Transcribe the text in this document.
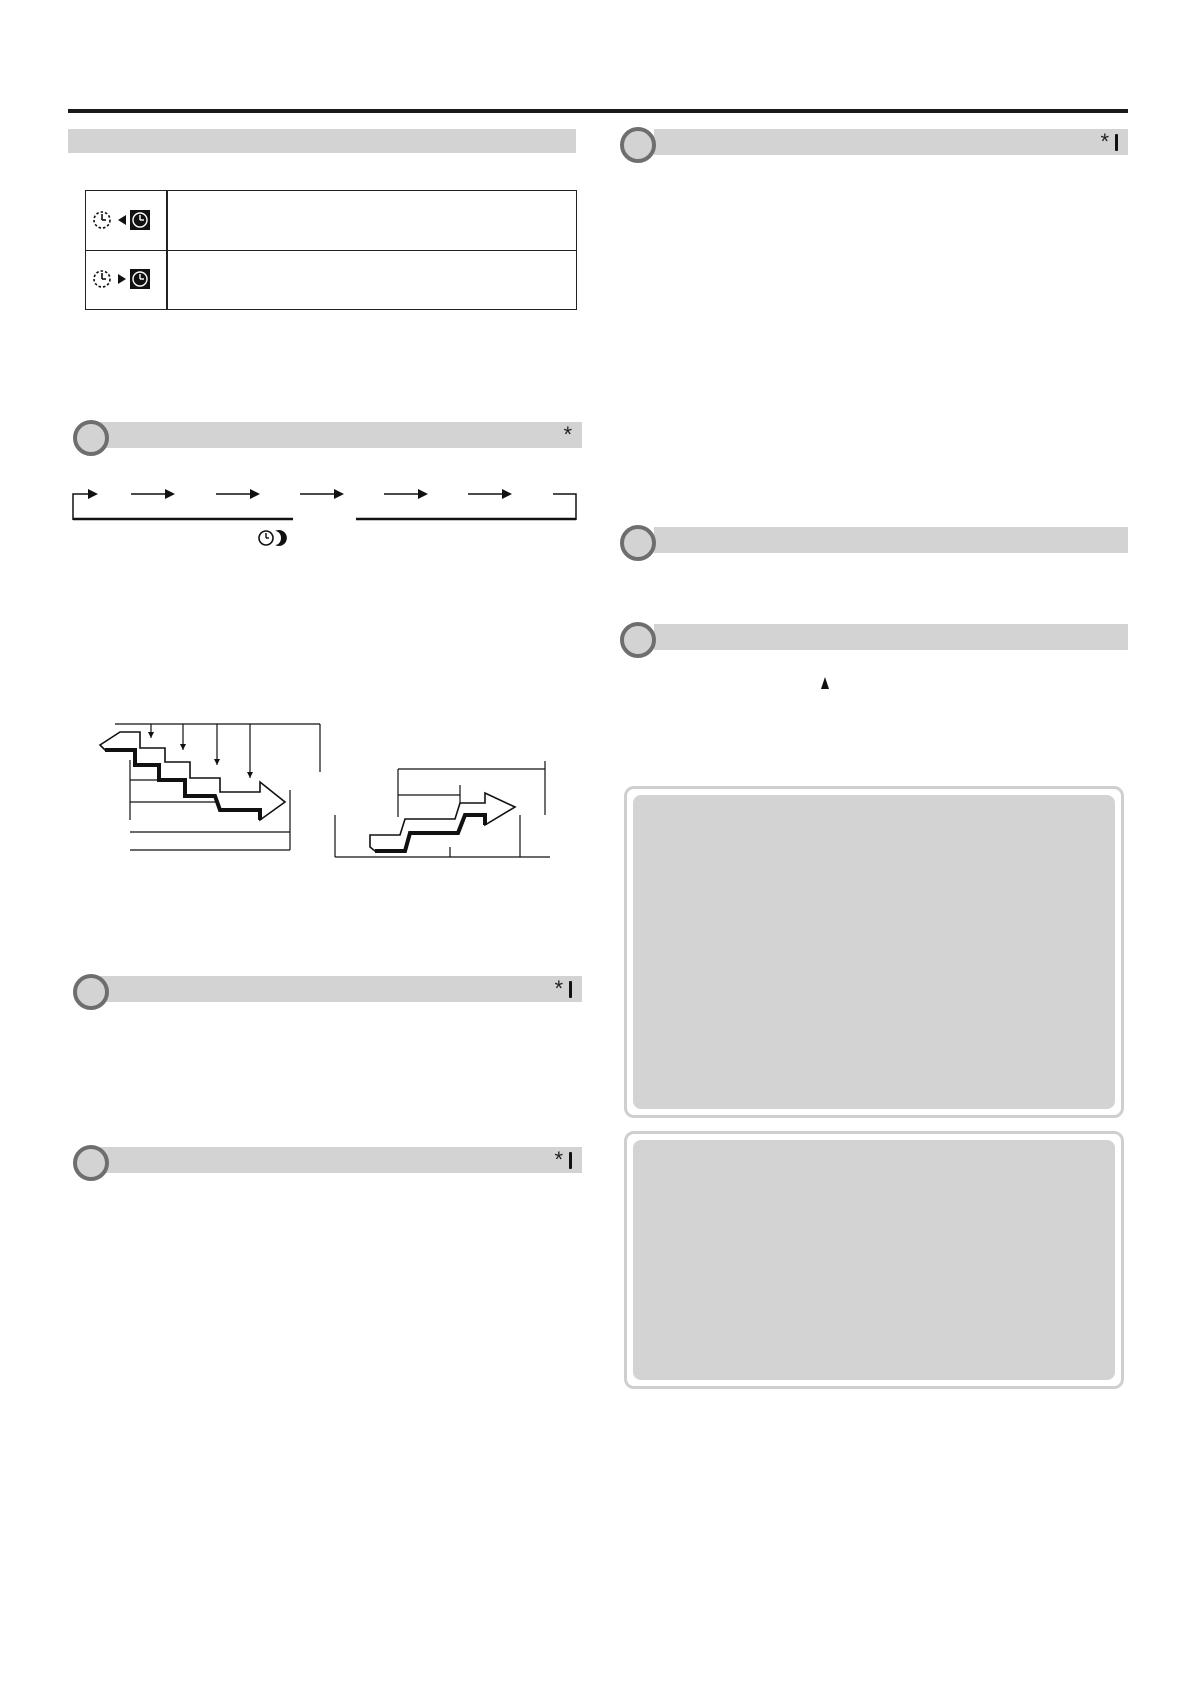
*
*
*
*
